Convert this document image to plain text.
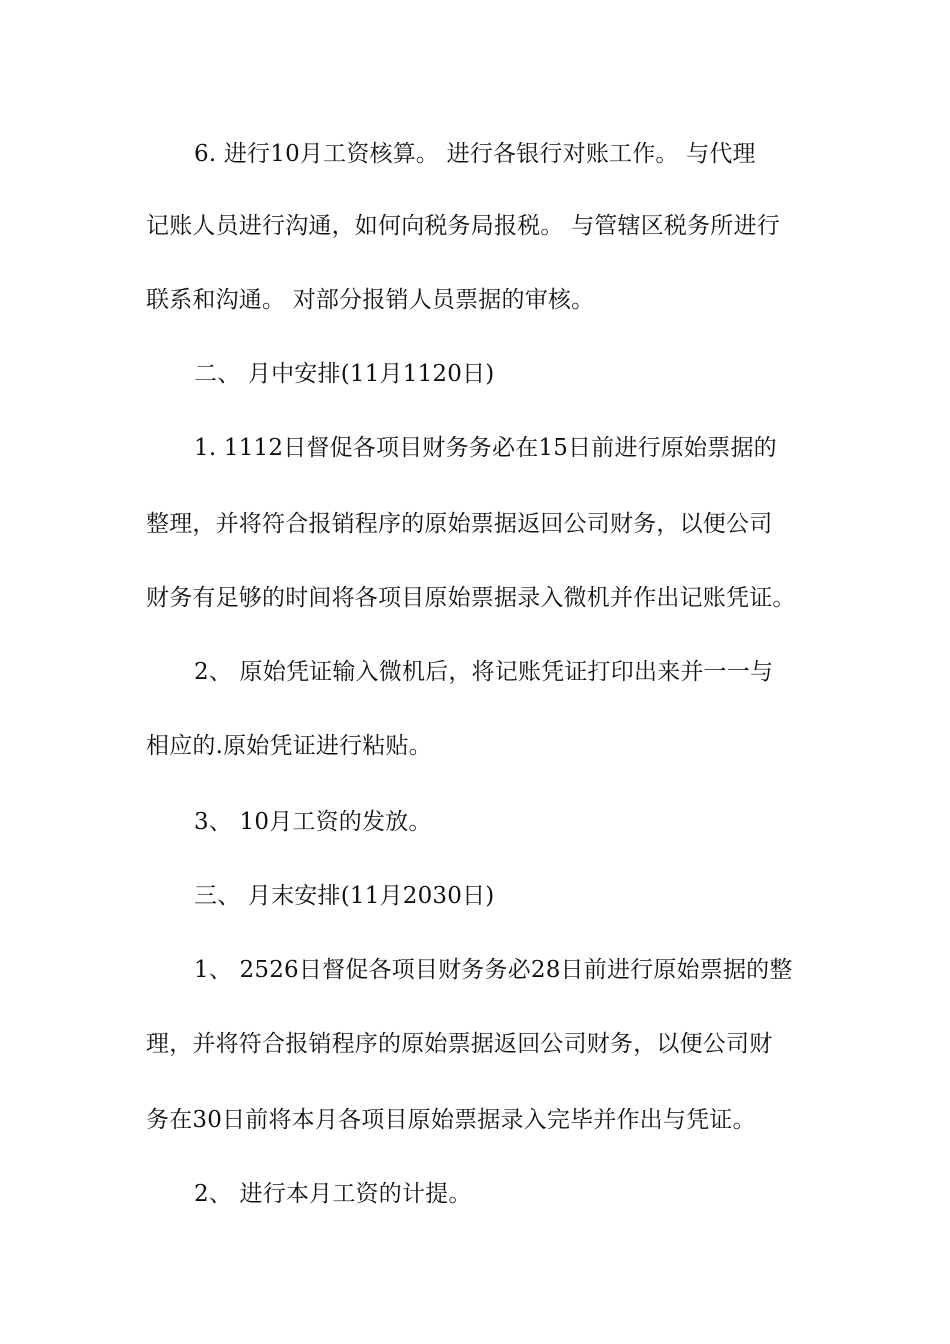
6. 进行10月工资核算。 进行各银行对账工作。 与代理
记账人员进行沟通，如何向税务局报税。 与管辖区税务所进行
联系和沟通。 对部分报销人员票据的审核。
二、 月中安排(11月1120日)
1. 1112日督促各项目财务务必在15日前进行原始票据的
整理，并将符合报销程序的原始票据返回公司财务，以便公司
财务有足够的时间将各项目原始票据录入微机并作出记账凭证。
2、 原始凭证输入微机后，将记账凭证打印出来并一一与
相应的.原始凭证进行粘贴。
3、 10月工资的发放。
三、 月末安排(11月2030日)
1、 2526日督促各项目财务务必28日前进行原始票据的整
理，并将符合报销程序的原始票据返回公司财务，以便公司财
务在30日前将本月各项目原始票据录入完毕并作出与凭证。
2、 进行本月工资的计提。
